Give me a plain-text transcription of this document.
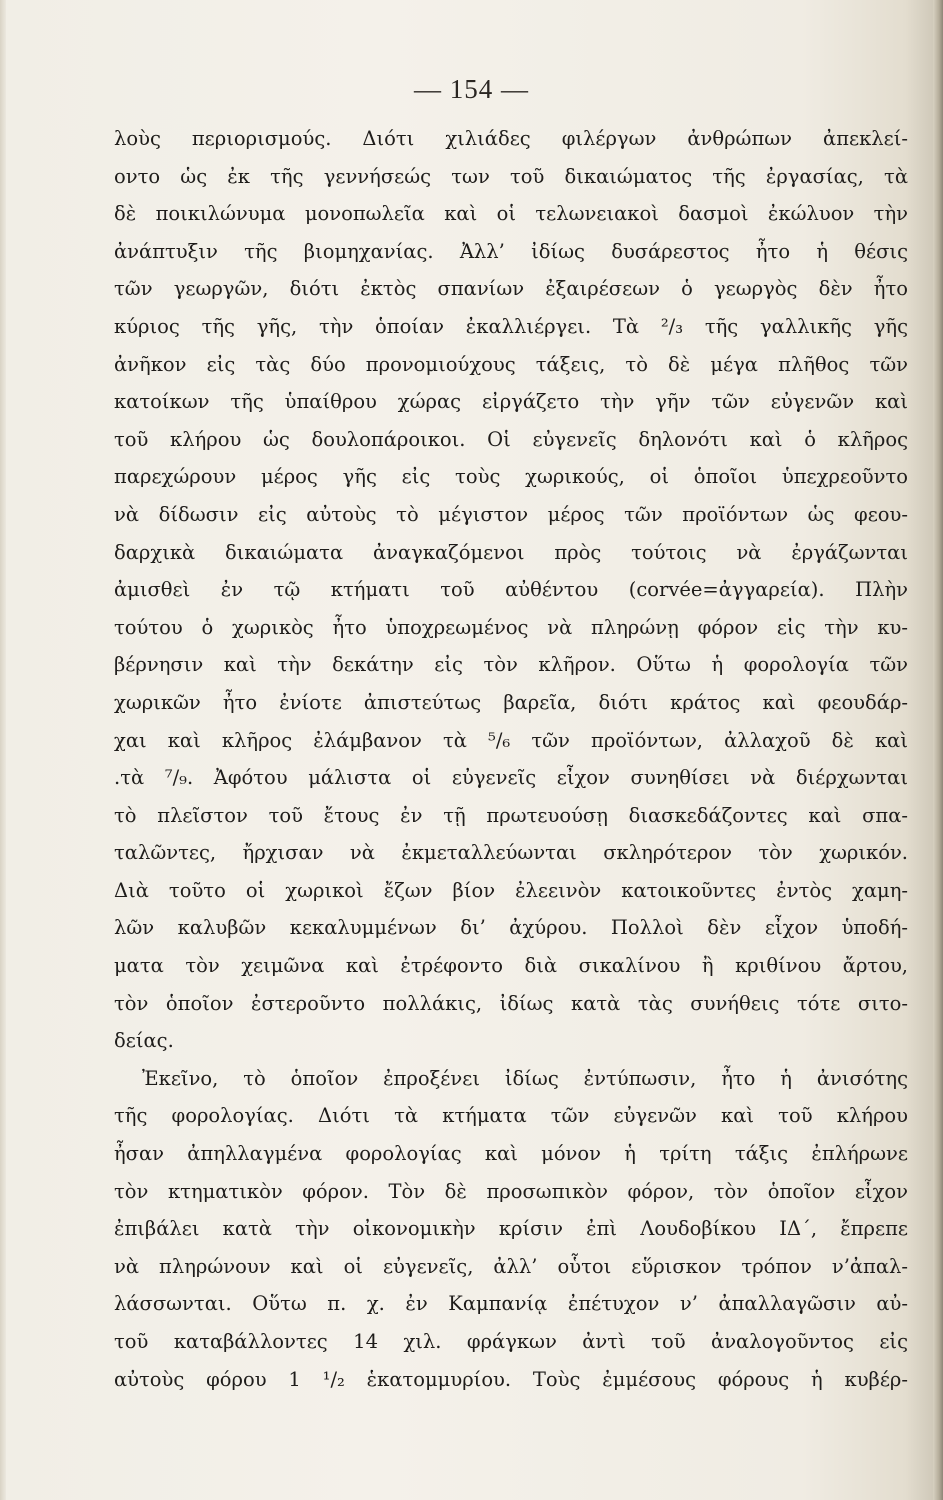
— 154 —
λοὺς περιορισμούς. Διότι χιλιάδες φιλέργων ἀνθρώπων ἀπεκλεί-
οντο ὡς ἐκ τῆς γεννήσεώς των τοῦ δικαιώματος τῆς ἐργασίας, τὰ
δὲ ποικιλώνυμα μονοπωλεῖα καὶ οἱ τελωνειακοὶ δασμοὶ ἐκώλυον τὴν
ἀνάπτυξιν τῆς βιομηχανίας. Ἀλλ’ ἰδίως δυσάρεστος ἦτο ἡ θέσις
τῶν γεωργῶν, διότι ἐκτὸς σπανίων ἐξαιρέσεων ὁ γεωργὸς δὲν ἦτο
κύριος τῆς γῆς, τὴν ὁποίαν ἐκαλλιέργει. Τὰ ²/₃ τῆς γαλλικῆς γῆς
ἀνῆκον εἰς τὰς δύο προνομιούχους τάξεις, τὸ δὲ μέγα πλῆθος τῶν
κατοίκων τῆς ὑπαίθρου χώρας εἰργάζετο τὴν γῆν τῶν εὐγενῶν καὶ
τοῦ κλήρου ὡς δουλοπάροικοι. Οἱ εὐγενεῖς δηλονότι καὶ ὁ κλῆρος
παρεχώρουν μέρος γῆς εἰς τοὺς χωρικούς, οἱ ὁποῖοι ὑπεχρεοῦντο
νὰ δίδωσιν εἰς αὐτοὺς τὸ μέγιστον μέρος τῶν προϊόντων ὡς φεου-
δαρχικὰ δικαιώματα ἀναγκαζόμενοι πρὸς τούτοις νὰ ἐργάζωνται
ἀμισθεὶ ἐν τῷ κτήματι τοῦ αὐθέντου (corvée=ἀγγαρεία). Πλὴν
τούτου ὁ χωρικὸς ἦτο ὑποχρεωμένος νὰ πληρώνῃ φόρον εἰς τὴν κυ-
βέρνησιν καὶ τὴν δεκάτην εἰς τὸν κλῆρον. Οὕτω ἡ φορολογία τῶν
χωρικῶν ἦτο ἐνίοτε ἀπιστεύτως βαρεῖα, διότι κράτος καὶ φεουδάρ-
χαι καὶ κλῆρος ἐλάμβανον τὰ ⁵/₆ τῶν προϊόντων, ἀλλαχοῦ δὲ καὶ
.τὰ ⁷/₉. Ἀφότου μάλιστα οἱ εὐγενεῖς εἶχον συνηθίσει νὰ διέρχωνται
τὸ πλεῖστον τοῦ ἔτους ἐν τῇ πρωτευούσῃ διασκεδάζοντες καὶ σπα-
ταλῶντες, ἤρχισαν νὰ ἐκμεταλλεύωνται σκληρότερον τὸν χωρικόν.
Διὰ τοῦτο οἱ χωρικοὶ ἔζων βίον ἐλεεινὸν κατοικοῦντες ἐντὸς χαμη-
λῶν καλυβῶν κεκαλυμμένων δι’ ἀχύρου. Πολλοὶ δὲν εἶχον ὑποδή-
ματα τὸν χειμῶνα καὶ ἐτρέφοντο διὰ σικαλίνου ἢ κριθίνου ἄρτου,
τὸν ὁποῖον ἐστεροῦντο πολλάκις, ἰδίως κατὰ τὰς συνήθεις τότε σιτο-
δείας.
Ἐκεῖνο, τὸ ὁποῖον ἐπροξένει ἰδίως ἐντύπωσιν, ἦτο ἡ ἀνισότης
τῆς φορολογίας. Διότι τὰ κτήματα τῶν εὐγενῶν καὶ τοῦ κλήρου
ἦσαν ἀπηλλαγμένα φορολογίας καὶ μόνον ἡ τρίτη τάξις ἐπλήρωνε
τὸν κτηματικὸν φόρον. Τὸν δὲ προσωπικὸν φόρον, τὸν ὁποῖον εἶχον
ἐπιβάλει κατὰ τὴν οἰκονομικὴν κρίσιν ἐπὶ Λουδοβίκου ΙΔ΄, ἔπρεπε
νὰ πληρώνουν καὶ οἱ εὐγενεῖς, ἀλλ’ οὗτοι εὕρισκον τρόπον ν’ἀπαλ-
λάσσωνται. Οὕτω π. χ. ἐν Καμπανίᾳ ἐπέτυχον ν’ ἀπαλλαγῶσιν αὐ-
τοῦ καταβάλλοντες 14 χιλ. φράγκων ἀντὶ τοῦ ἀναλογοῦντος εἰς
αὐτοὺς φόρου 1 ¹/₂ ἑκατομμυρίου. Τοὺς ἐμμέσους φόρους ἡ κυβέρ-
